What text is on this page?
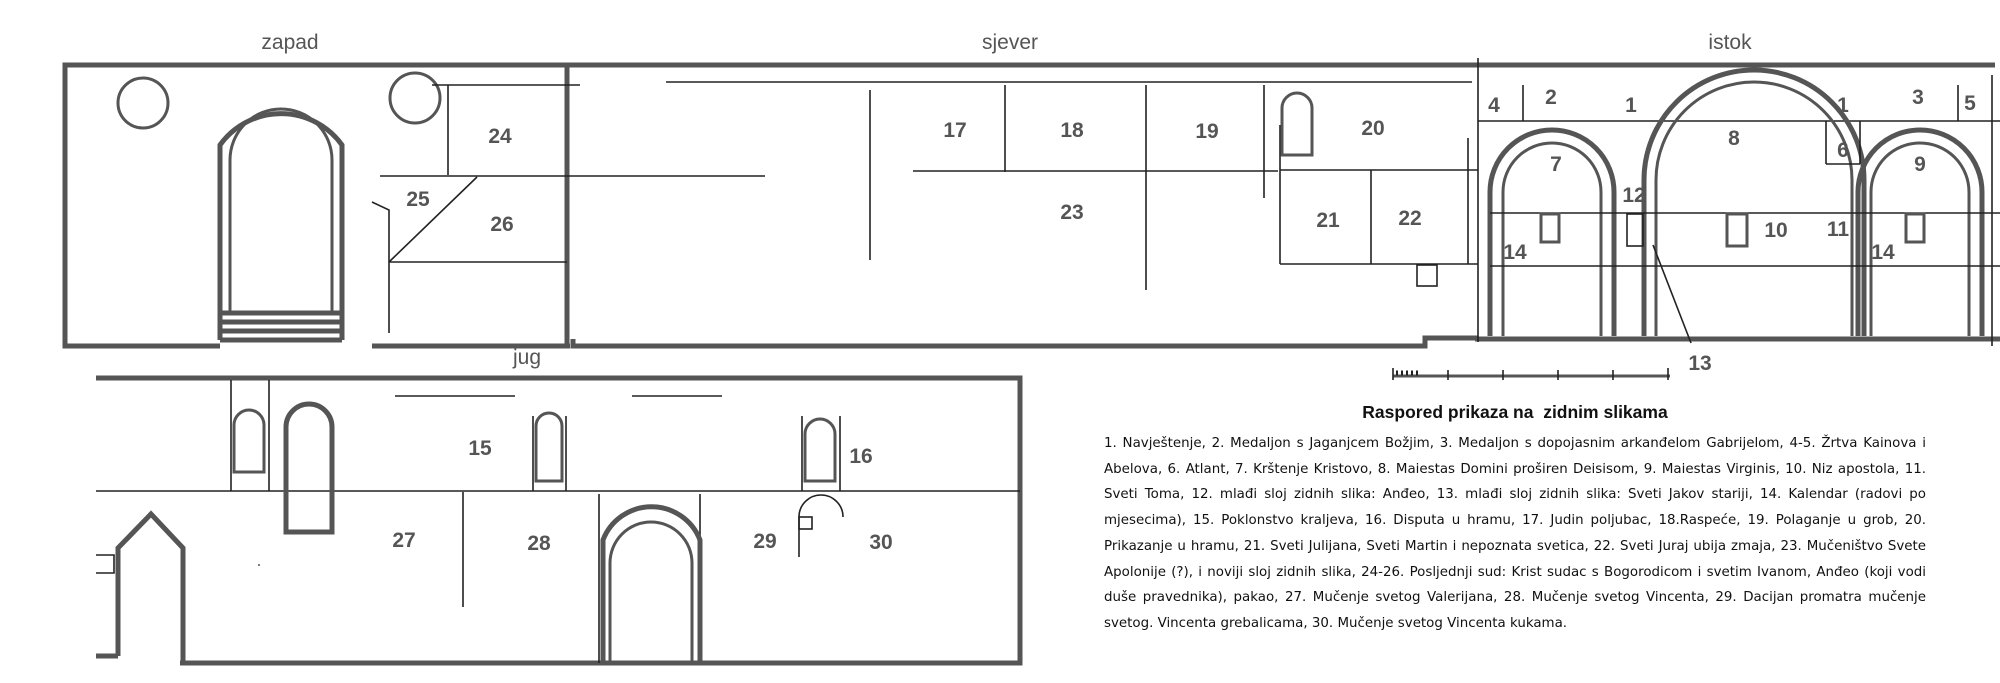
zapad	sjever	istok
jug
24
25
26
17	18	19	20
23	21	22
4 2	1
8
1	3 5
6
7	9
12
10 11
14	14
13
15	16
27	28	29	30
Raspored prikaza na  zidnim slikama
1. Navještenje, 2. Medaljon s Jaganjcem Božjim, 3. Medaljon s dopojasnim arkanđelom Gabrijelom, 4-5. Žrtva Kainova i Abelova, 6. Atlant, 7. Krštenje Kristovo, 8. Maiestas Domini proširen Deisisom, 9. Maiestas Virginis, 10. Niz apostola, 11. Sveti Toma, 12. mlađi sloj zidnih slika: Anđeo, 13. mlađi sloj zidnih slika: Sveti Jakov stariji, 14. Kalendar (radovi po mjesecima), 15. Poklonstvo kraljeva, 16. Disputa u hramu, 17. Judin poljubac, 18.Raspeće, 19. Polaganje u grob, 20. Prikazanje u hramu, 21. Sveti Julijana, Sveti Martin i nepoznata svetica, 22. Sveti Juraj ubija zmaja, 23. Mučeništvo Svete Apolonije (?), i noviji sloj zidnih slika, 24-26. Posljednji sud: Krist sudac s Bogorodicom i svetim Ivanom, Anđeo (koji vodi duše pravednika), pakao, 27. Mučenje svetog Valerijana, 28. Mučenje svetog Vincenta, 29. Dacijan promatra mučenje svetog. Vincenta grebalicama, 30. Mučenje svetog Vincenta kukama.
